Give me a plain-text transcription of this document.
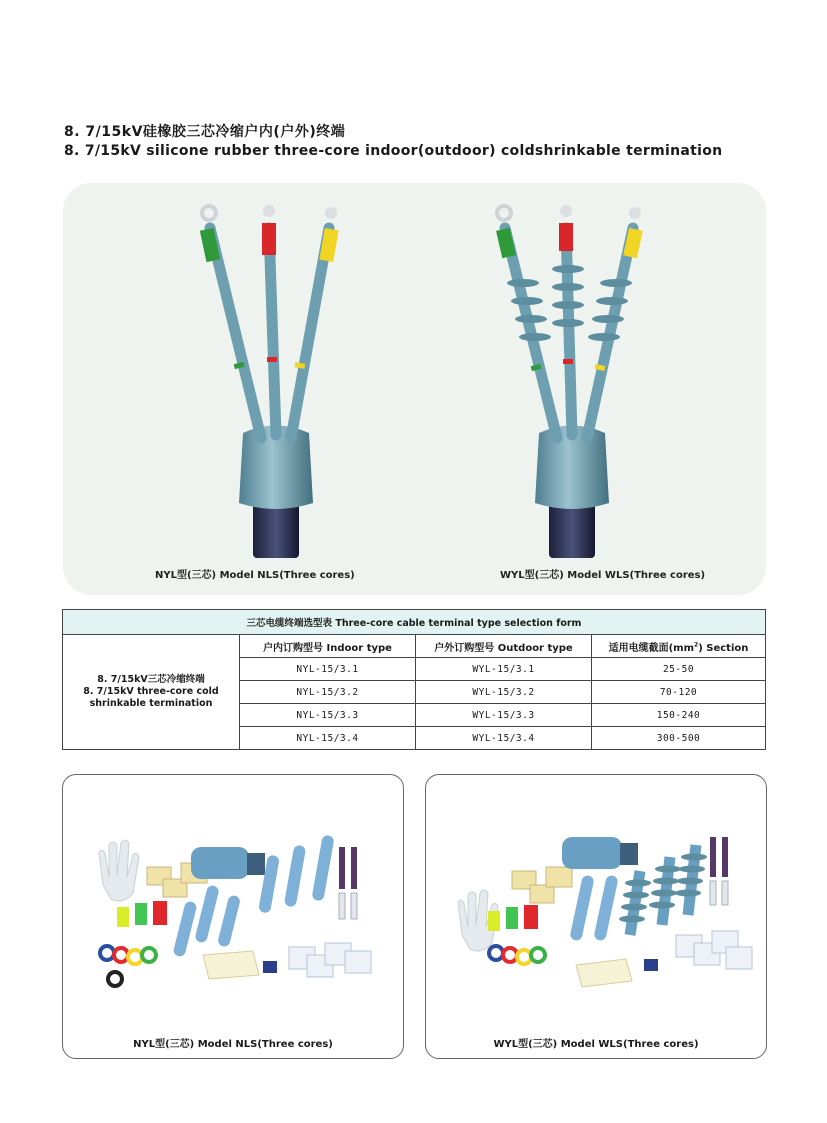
8. 7/15kV硅橡胶三芯冷缩户内(户外)终端
8. 7/15kV silicone rubber three-core indoor(outdoor) coldshrinkable termination
NYL型(三芯) Model NLS(Three cores)	WYL型(三芯) Model WLS(Three cores)
三芯电缆终端选型表 Three-core cable terminal type selection form			

8. 7/15kV三芯冷缩终端
8. 7/15kV three-core cold
shrinkable termination	户内订购型号 Indoor type	户外订购型号 Outdoor type	适用电缆截面$(mm^2)$ Section
	NYL-15/3.1	WYL-15/3.1	25-50
	NYL-15/3.2	WYL-15/3.2	70-120
	NYL-15/3.3	WYL-15/3.3	150-240
	NYL-15/3.4	WYL-15/3.4	300-500
NYL型(三芯) Model NLS(Three cores)	WYL型(三芯) Model WLS(Three cores)
